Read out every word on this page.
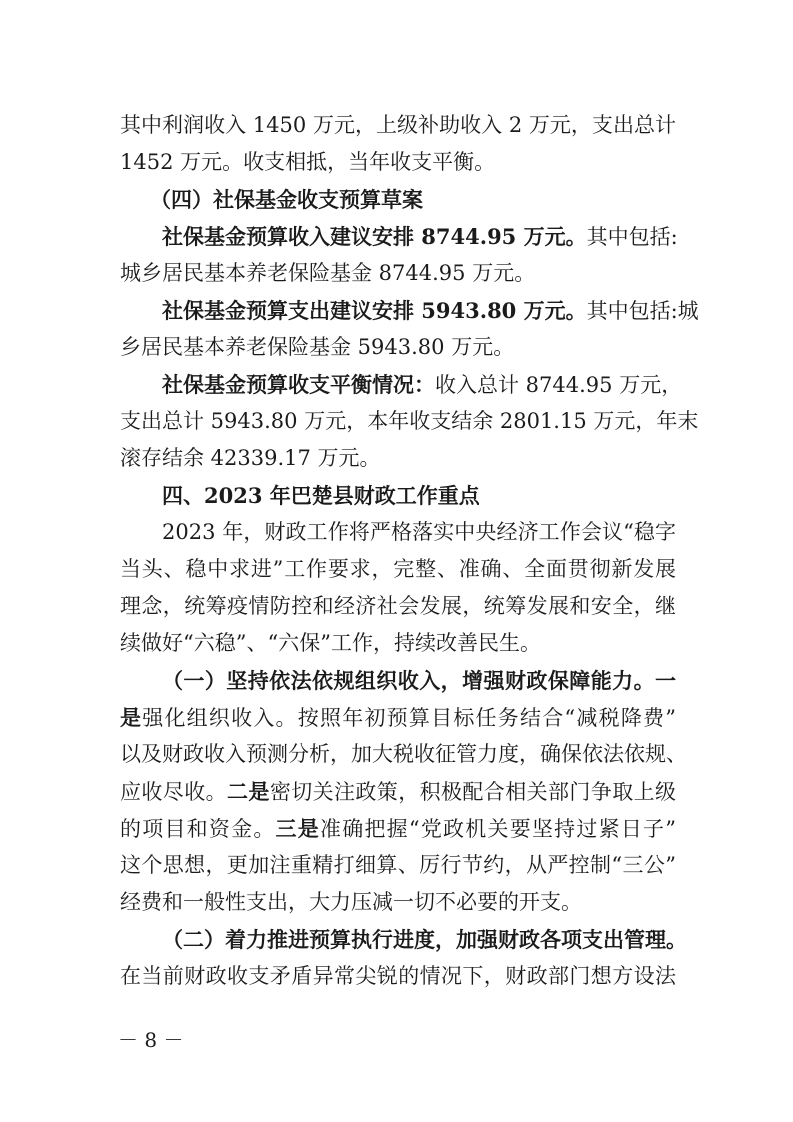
其中利润收入 1450 万元，上级补助收入 2 万元，支出总计
1452 万元。收支相抵，当年收支平衡。
（四）社保基金收支预算草案
社保基金预算收入建议安排 8744.95 万元。其中包括:
城乡居民基本养老保险基金 8744.95 万元。
社保基金预算支出建议安排 5943.80 万元。其中包括:城
乡居民基本养老保险基金 5943.80 万元。
社保基金预算收支平衡情况：收入总计 8744.95 万元，
支出总计 5943.80 万元，本年收支结余 2801.15 万元，年末
滚存结余 42339.17 万元。
四、2023 年巴楚县财政工作重点
2023 年，财政工作将严格落实中央经济工作会议“稳字
当头、稳中求进”工作要求，完整、准确、全面贯彻新发展
理念，统筹疫情防控和经济社会发展，统筹发展和安全，继
续做好“六稳”、“六保”工作，持续改善民生。
（一）坚持依法依规组织收入，增强财政保障能力。一
是强化组织收入。按照年初预算目标任务结合“减税降费”
以及财政收入预测分析，加大税收征管力度，确保依法依规、
应收尽收。二是密切关注政策，积极配合相关部门争取上级
的项目和资金。三是准确把握“党政机关要坚持过紧日子”
这个思想，更加注重精打细算、厉行节约，从严控制“三公”
经费和一般性支出，大力压减一切不必要的开支。
（二）着力推进预算执行进度，加强财政各项支出管理。
在当前财政收支矛盾异常尖锐的情况下，财政部门想方设法
－ 8 －
